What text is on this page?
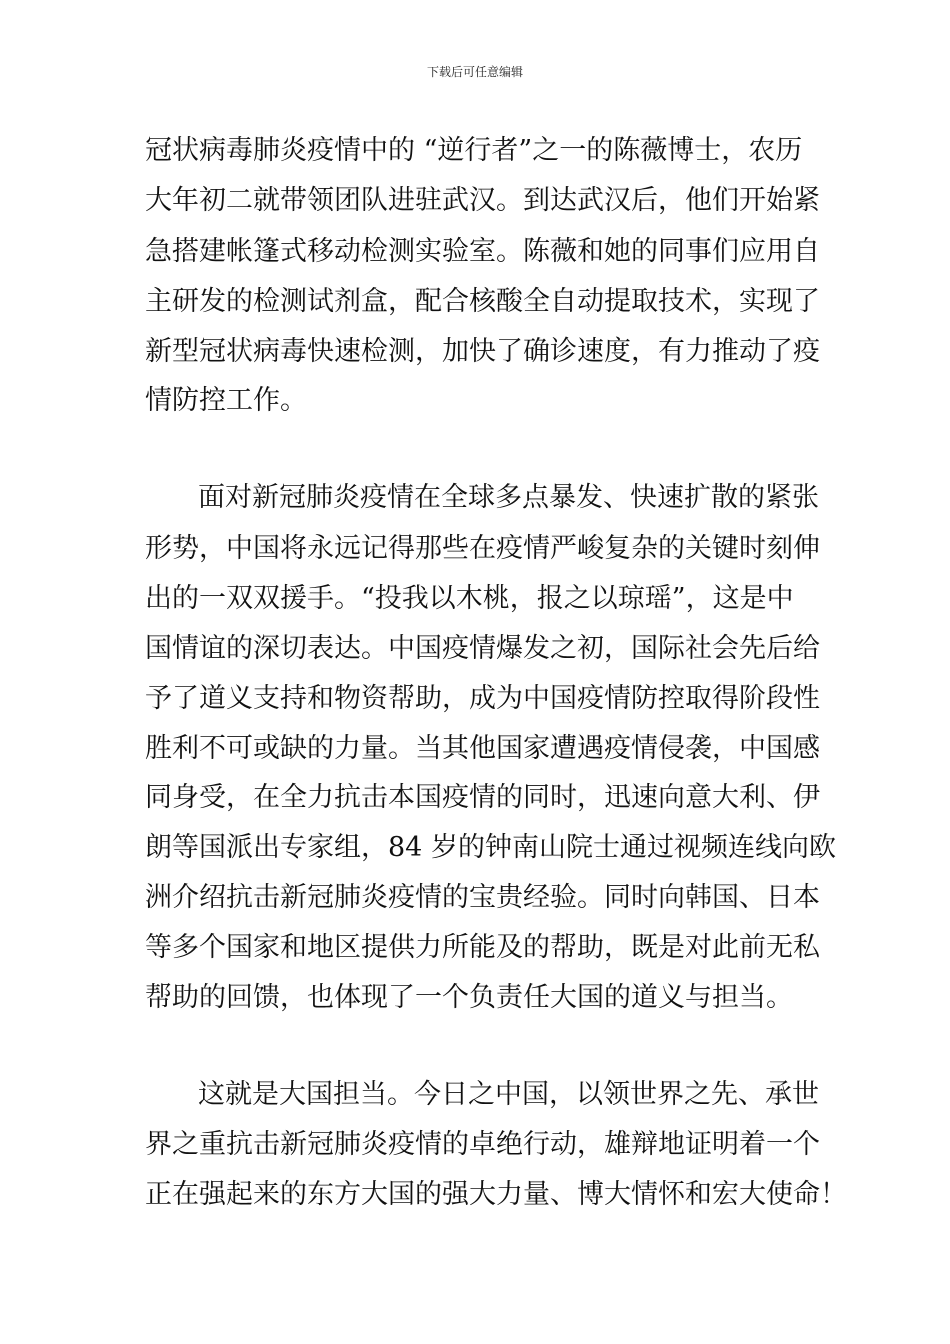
下载后可任意编辑
冠状病毒肺炎疫情中的 “逆行者”之一的陈薇博士，农历
大年初二就带领团队进驻武汉。到达武汉后，他们开始紧
急搭建帐篷式移动检测实验室。陈薇和她的同事们应用自
主研发的检测试剂盒，配合核酸全自动提取技术，实现了
新型冠状病毒快速检测，加快了确诊速度，有力推动了疫
情防控工作。
面对新冠肺炎疫情在全球多点暴发、快速扩散的紧张
形势，中国将永远记得那些在疫情严峻复杂的关键时刻伸
出的一双双援手。“投我以木桃，报之以琼瑶”，这是中
国情谊的深切表达。中国疫情爆发之初，国际社会先后给
予了道义支持和物资帮助，成为中国疫情防控取得阶段性
胜利不可或缺的力量。当其他国家遭遇疫情侵袭，中国感
同身受，在全力抗击本国疫情的同时，迅速向意大利、伊
朗等国派出专家组，84 岁的钟南山院士通过视频连线向欧
洲介绍抗击新冠肺炎疫情的宝贵经验。同时向韩国、日本
等多个国家和地区提供力所能及的帮助，既是对此前无私
帮助的回馈，也体现了一个负责任大国的道义与担当。
这就是大国担当。今日之中国，以领世界之先、承世
界之重抗击新冠肺炎疫情的卓绝行动，雄辩地证明着一个
正在强起来的东方大国的强大力量、博大情怀和宏大使命！
